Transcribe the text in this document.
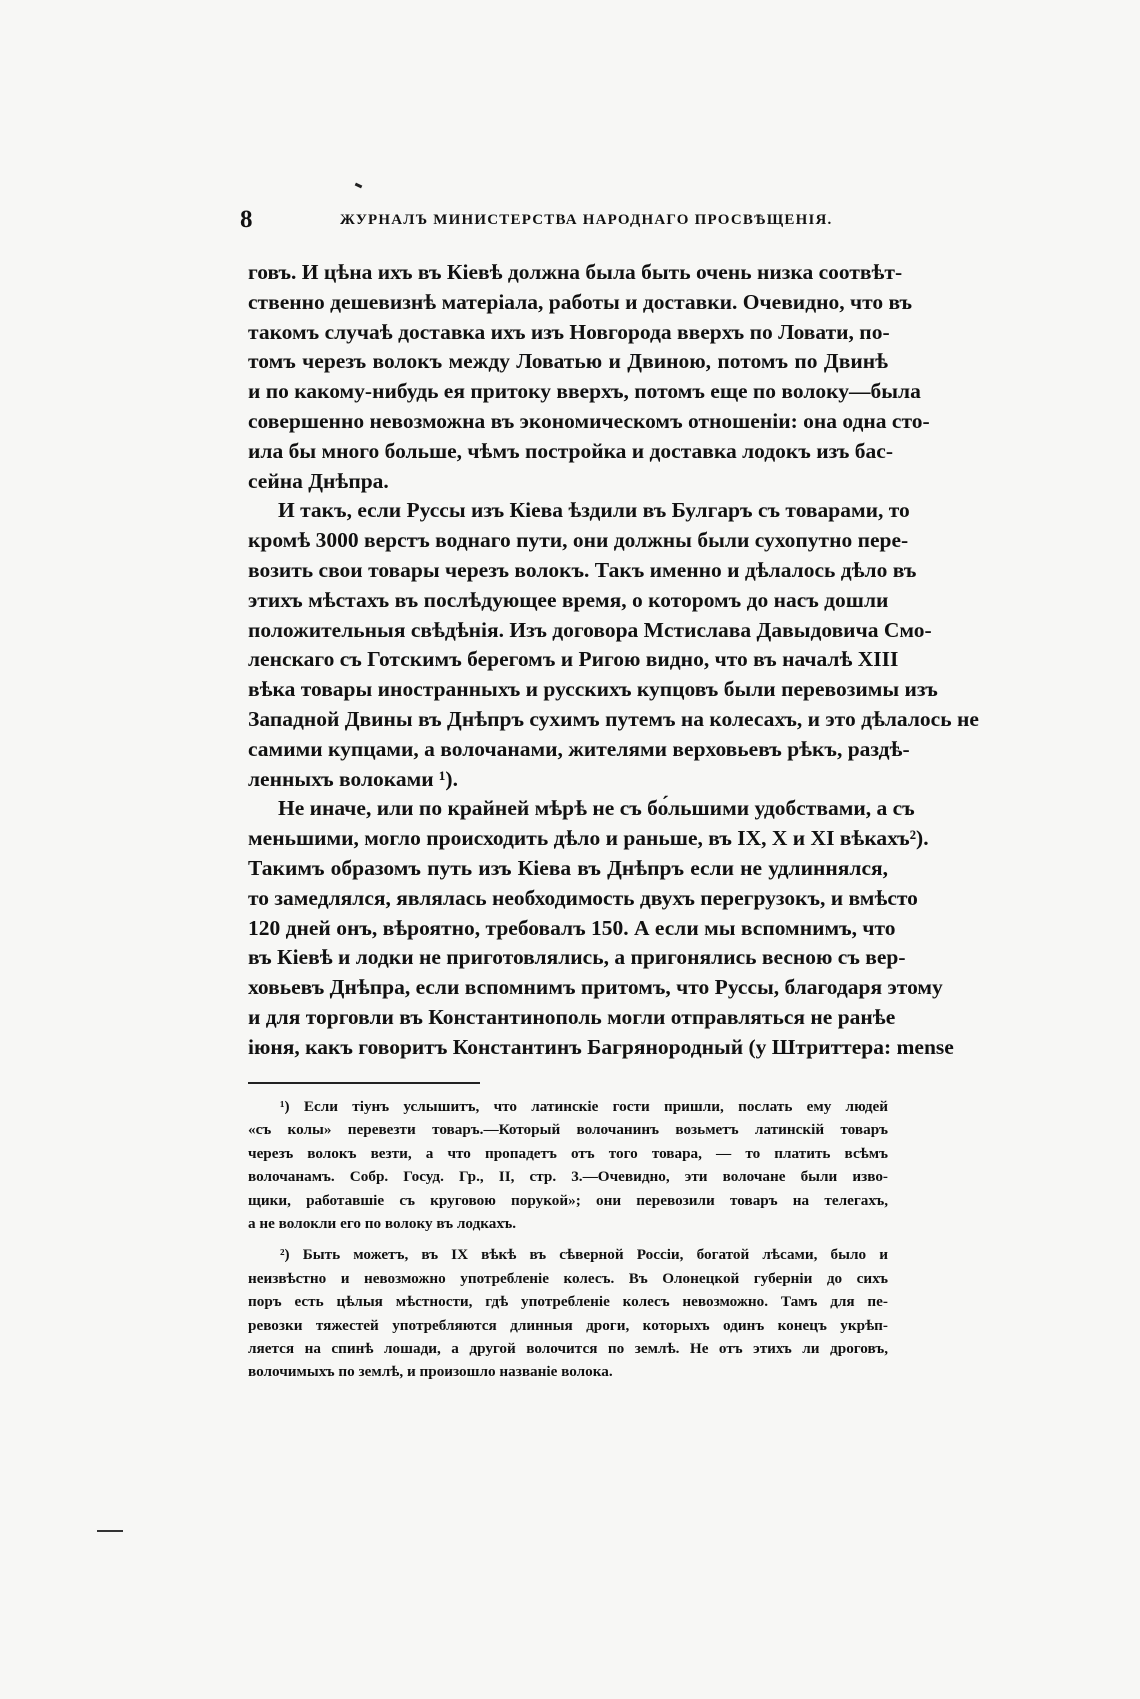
8	ЖУРНАЛЪ МИНИСТЕРСТВА НАРОДНАГО ПРОСВѢЩЕНІЯ.
говъ. И цѣна ихъ въ Кіевѣ должна была быть очень низка соотвѣт-
ственно дешевизнѣ матеріала, работы и доставки. Очевидно, что въ
такомъ случаѣ доставка ихъ изъ Новгорода вверхъ по Ловати, по-
томъ черезъ волокъ между Ловатью и Двиною, потомъ по Двинѣ
и по какому-нибудь ея притоку вверхъ, потомъ еще по волоку—была
совершенно невозможна въ экономическомъ отношеніи: она одна сто-
ила бы много больше, чѣмъ постройка и доставка лодокъ изъ бас-
сейна Днѣпра.
И такъ, если Руссы изъ Кіева ѣздили въ Булгаръ съ товарами, то
кромѣ 3000 верстъ воднаго пути, они должны были сухопутно пере-
возить свои товары черезъ волокъ. Такъ именно и дѣлалось дѣло въ
этихъ мѣстахъ въ послѣдующее время, о которомъ до насъ дошли
положительныя свѣдѣнія. Изъ договора Мстислава Давыдовича Смо-
ленскаго съ Готскимъ берегомъ и Ригою видно, что въ началѣ XIII
вѣка товары иностранныхъ и русскихъ купцовъ были перевозимы изъ
Западной Двины въ Днѣпръ сухимъ путемъ на колесахъ, и это дѣлалось не
самими купцами, а волочанами, жителями верховьевъ рѣкъ, раздѣ-
ленныхъ волоками ¹).
Не иначе, или по крайней мѣрѣ не съ бо́льшими удобствами, а съ
меньшими, могло происходить дѣло и раньше, въ IX, X и XI вѣкахъ²).
Такимъ образомъ путь изъ Кіева въ Днѣпръ если не удлиннялся,
то замедлялся, являлась необходимость двухъ перегрузокъ, и вмѣсто
120 дней онъ, вѣроятно, требовалъ 150. А если мы вспомнимъ, что
въ Кіевѣ и лодки не приготовлялись, а пригонялись весною съ вер-
ховьевъ Днѣпра, если вспомнимъ притомъ, что Руссы, благодаря этому
и для торговли въ Константинополь могли отправляться не ранѣе
іюня, какъ говоритъ Константинъ Багрянородный (у Штриттера: mense
¹) Если тіунъ услышитъ, что латинскіе гости пришли, послать ему людей
«съ колы» перевезти товаръ.—Который волочанинъ возьметъ латинскій товаръ
черезъ волокъ везти, а что пропадетъ отъ того товара, — то платить всѣмъ
волочанамъ. Собр. Госуд. Гр., II, стр. 3.—Очевидно, эти волочане были изво-
щики, работавшіе съ круговою порукой»; они перевозили товаръ на телегахъ,
а не волокли его по волоку въ лодкахъ.
²) Быть можетъ, въ IX вѣкѣ въ сѣверной Россіи, богатой лѣсами, было и
неизвѣстно и невозможно употребленіе колесъ. Въ Олонецкой губерніи до сихъ
поръ есть цѣлыя мѣстности, гдѣ употребленіе колесъ невозможно. Тамъ для пе-
ревозки тяжестей употребляются длинныя дроги, которыхъ одинъ конецъ укрѣп-
ляется на спинѣ лошади, а другой волочится по землѣ. Не отъ этихъ ли дроговъ,
волочимыхъ по землѣ, и произошло названіе волока.
